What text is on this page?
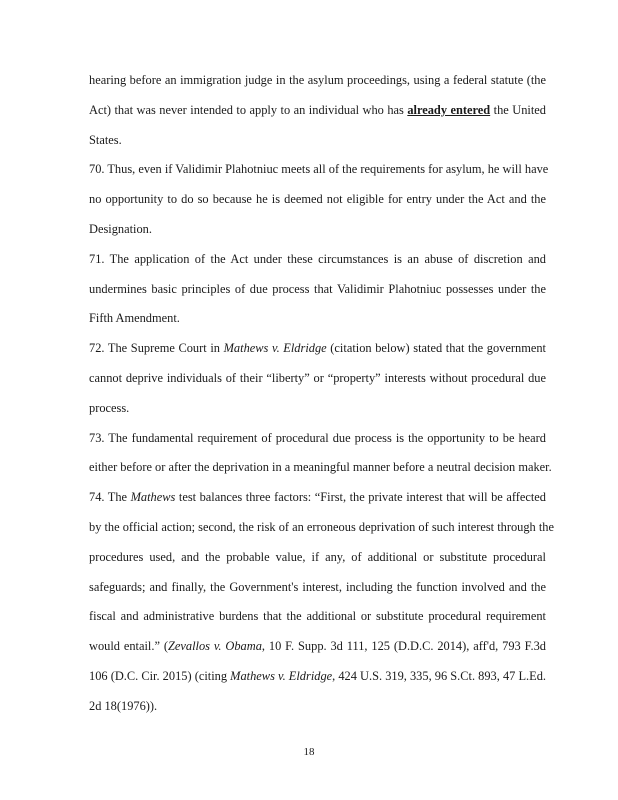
hearing before an immigration judge in the asylum proceedings, using a federal statute (the
Act) that was never intended to apply to an individual who has already entered the United
States.
70. Thus, even if Validimir Plahotniuc meets all of the requirements for asylum, he will have
no opportunity to do so because he is deemed not eligible for entry under the Act and the
Designation.
71. The application of the Act under these circumstances is an abuse of discretion and
undermines basic principles of due process that Validimir Plahotniuc possesses under the
Fifth Amendment.
72. The Supreme Court in Mathews v. Eldridge (citation below) stated that the government
cannot deprive individuals of their “liberty” or “property” interests without procedural due
process.
73. The fundamental requirement of procedural due process is the opportunity to be heard
either before or after the deprivation in a meaningful manner before a neutral decision maker.
74. The Mathews test balances three factors: “First, the private interest that will be affected
by the official action; second, the risk of an erroneous deprivation of such interest through the
procedures used, and the probable value, if any, of additional or substitute procedural
safeguards; and finally, the Government's interest, including the function involved and the
fiscal and administrative burdens that the additional or substitute procedural requirement
would entail.” (Zevallos v. Obama, 10 F. Supp. 3d 111, 125 (D.D.C. 2014), aff'd, 793 F.3d
106 (D.C. Cir. 2015) (citing Mathews v. Eldridge, 424 U.S. 319, 335, 96 S.Ct. 893, 47 L.Ed.
2d 18(1976)).
18
